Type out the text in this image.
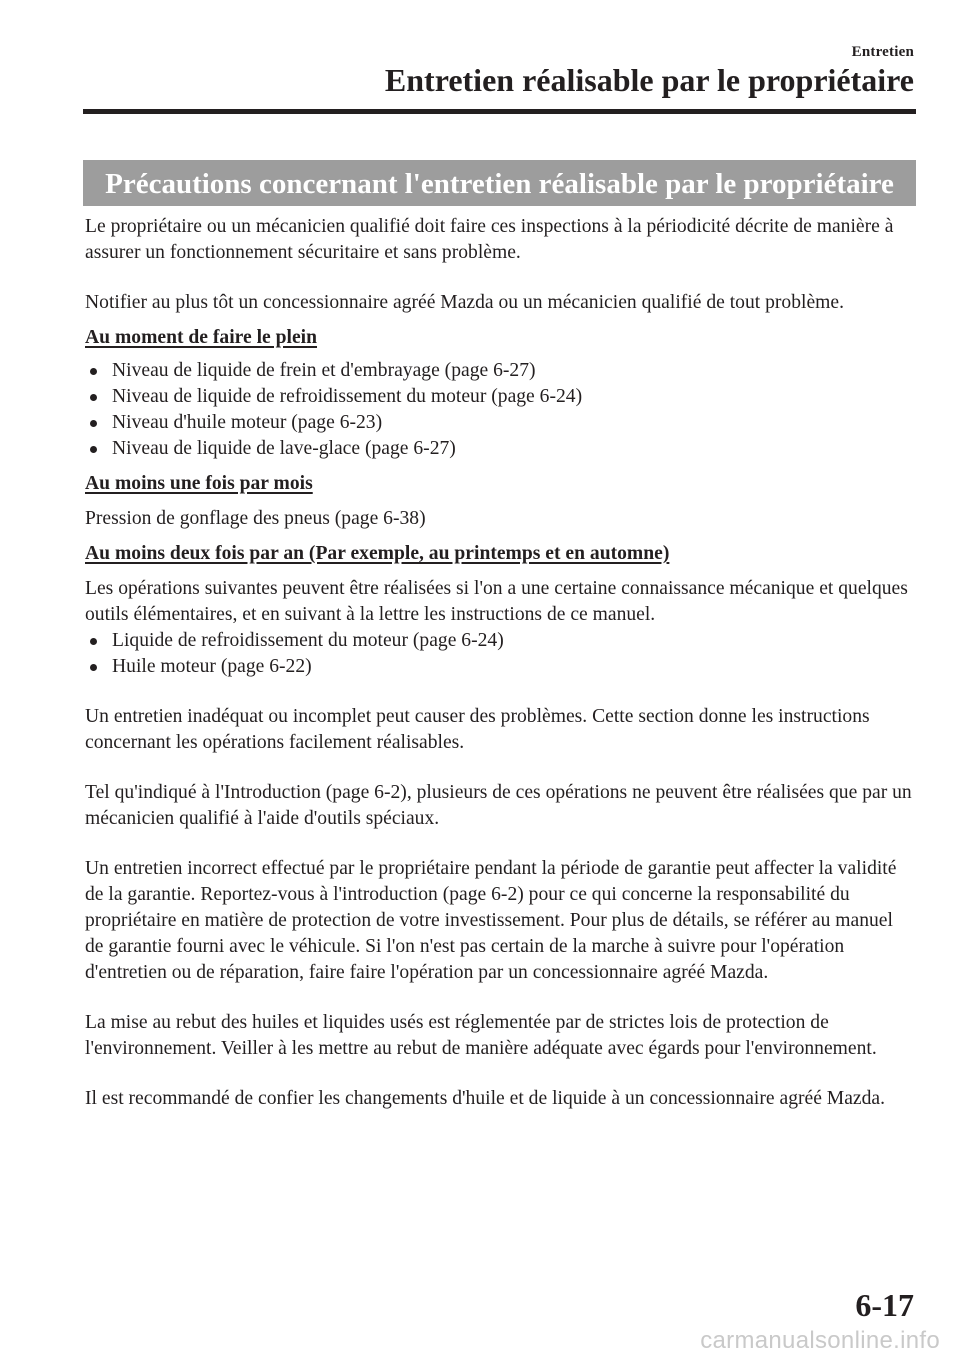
Entretien
Entretien réalisable par le propriétaire
Précautions concernant l'entretien réalisable par le propriétaire

Le propriétaire ou un mécanicien qualifié doit faire ces inspections à la périodicité décrite de manière à assurer un fonctionnement sécuritaire et sans problème.

Notifier au plus tôt un concessionnaire agréé Mazda ou un mécanicien qualifié de tout problème.

Au moment de faire le plein

Niveau de liquide de frein et d'embrayage (page 6-27)
Niveau de liquide de refroidissement du moteur (page 6-24)
Niveau d'huile moteur (page 6-23)
Niveau de liquide de lave-glace (page 6-27)

Au moins une fois par mois

Pression de gonflage des pneus (page 6-38)

Au moins deux fois par an (Par exemple, au printemps et en automne)

Les opérations suivantes peuvent être réalisées si l'on a une certaine connaissance mécanique et quelques outils élémentaires, et en suivant à la lettre les instructions de ce manuel.

Liquide de refroidissement du moteur (page 6-24)
Huile moteur (page 6-22)

Un entretien inadéquat ou incomplet peut causer des problèmes. Cette section donne les instructions concernant les opérations facilement réalisables.

Tel qu'indiqué à l'Introduction (page 6-2), plusieurs de ces opérations ne peuvent être réalisées que par un mécanicien qualifié à l'aide d'outils spéciaux.

Un entretien incorrect effectué par le propriétaire pendant la période de garantie peut affecter la validité de la garantie. Reportez-vous à l'introduction (page 6-2) pour ce qui concerne la responsabilité du propriétaire en matière de protection de votre investissement. Pour plus de détails, se référer au manuel de garantie fourni avec le véhicule. Si l'on n'est pas certain de la marche à suivre pour l'opération d'entretien ou de réparation, faire faire l'opération par un concessionnaire agréé Mazda.

La mise au rebut des huiles et liquides usés est réglementée par de strictes lois de protection de l'environnement. Veiller à les mettre au rebut de manière adéquate avec égards pour l'environnement.

Il est recommandé de confier les changements d'huile et de liquide à un concessionnaire agréé Mazda.

6-17
carmanualsonline.info
